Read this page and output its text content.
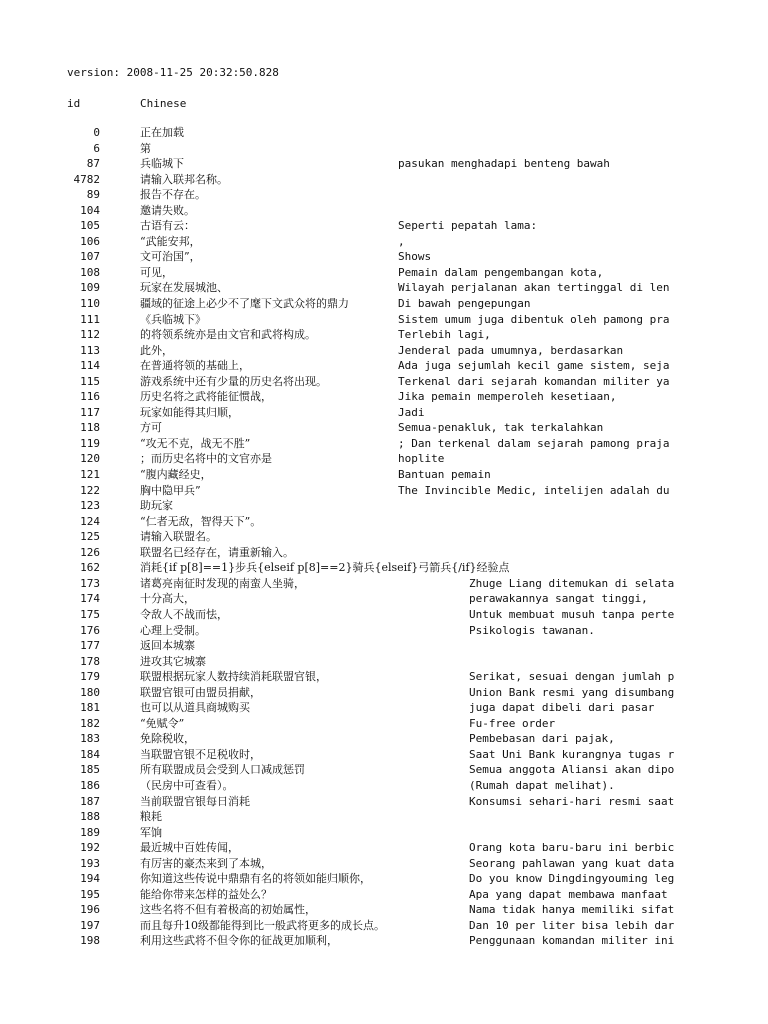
version: 2008-11-25 20:32:50.828
id	Chinese
0	正在加载
6	第
87	兵临城下	pasukan menghadapi benteng bawah
4782	请输入联邦名称。
89	报告不存在。
104	邀请失败。
105	古语有云：	Seperti pepatah lama:
106	“武能安邦，	,
107	文可治国”，	Shows
108	可见，	Pemain dalam pengembangan kota,
109	玩家在发展城池、	Wilayah perjalanan akan tertinggal di len
110	疆域的征途上必少不了麾下文武众将的鼎力	Di bawah pengepungan
111	《兵临城下》	Sistem umum juga dibentuk oleh pamong pra
112	的将领系统亦是由文官和武将构成。	Terlebih lagi,
113	此外，	Jenderal pada umumnya, berdasarkan
114	在普通将领的基础上，	Ada juga sejumlah kecil game sistem, seja
115	游戏系统中还有少量的历史名将出现。	Terkenal dari sejarah komandan militer ya
116	历史名将之武将能征惯战，	Jika pemain memperoleh kesetiaan,
117	玩家如能得其归顺，	Jadi
118	方可	Semua-penakluk, tak terkalahkan
119	“攻无不克，战无不胜”	; Dan terkenal dalam sejarah pamong praja
120	；而历史名将中的文官亦是	hoplite
121	“腹内藏经史，	Bantuan pemain
122	胸中隐甲兵”	The Invincible Medic, intelijen adalah du
123	助玩家
124	“仁者无敌，智得天下”。
125	请输入联盟名。
126	联盟名已经存在，请重新输入。
162	消耗{if p[8]==1}步兵{elseif p[8]==2}骑兵{elseif}弓箭兵{/if}经验点
173	诸葛亮南征时发现的南蛮人坐骑，	Zhuge Liang ditemukan di selata
174	十分高大，	perawakannya sangat tinggi,
175	令敌人不战而怯，	Untuk membuat musuh tanpa perte
176	心理上受制。	Psikologis tawanan.
177	返回本城寨
178	进攻其它城寨
179	联盟根据玩家人数持续消耗联盟官银，	Serikat, sesuai dengan jumlah p
180	联盟官银可由盟员捐献，	Union Bank resmi yang disumbang
181	也可以从道具商城购买	juga dapat dibeli dari pasar
182	“免赋令”	Fu-free order
183	免除税收，	Pembebasan dari pajak,
184	当联盟官银不足税收时，	Saat Uni Bank kurangnya tugas r
185	所有联盟成员会受到人口减成惩罚	Semua anggota Aliansi akan dipo
186	（民房中可查看）。	(Rumah dapat melihat).
187	当前联盟官银每日消耗	Konsumsi sehari-hari resmi saat
188	粮耗
189	军饷
192	最近城中百姓传闻，	Orang kota baru-baru ini berbic
193	有厉害的豪杰来到了本城，	Seorang pahlawan yang kuat data
194	你知道这些传说中鼎鼎有名的将领如能归顺你，	Do you know Dingdingyouming leg
195	能给你带来怎样的益处么？	Apa yang dapat membawa manfaat
196	这些名将不但有着极高的初始属性，	Nama tidak hanya memiliki sifat
197	而且每升10级都能得到比一般武将更多的成长点。	Dan 10 per liter bisa lebih dar
198	利用这些武将不但令你的征战更加顺利，	Penggunaan komandan militer ini
